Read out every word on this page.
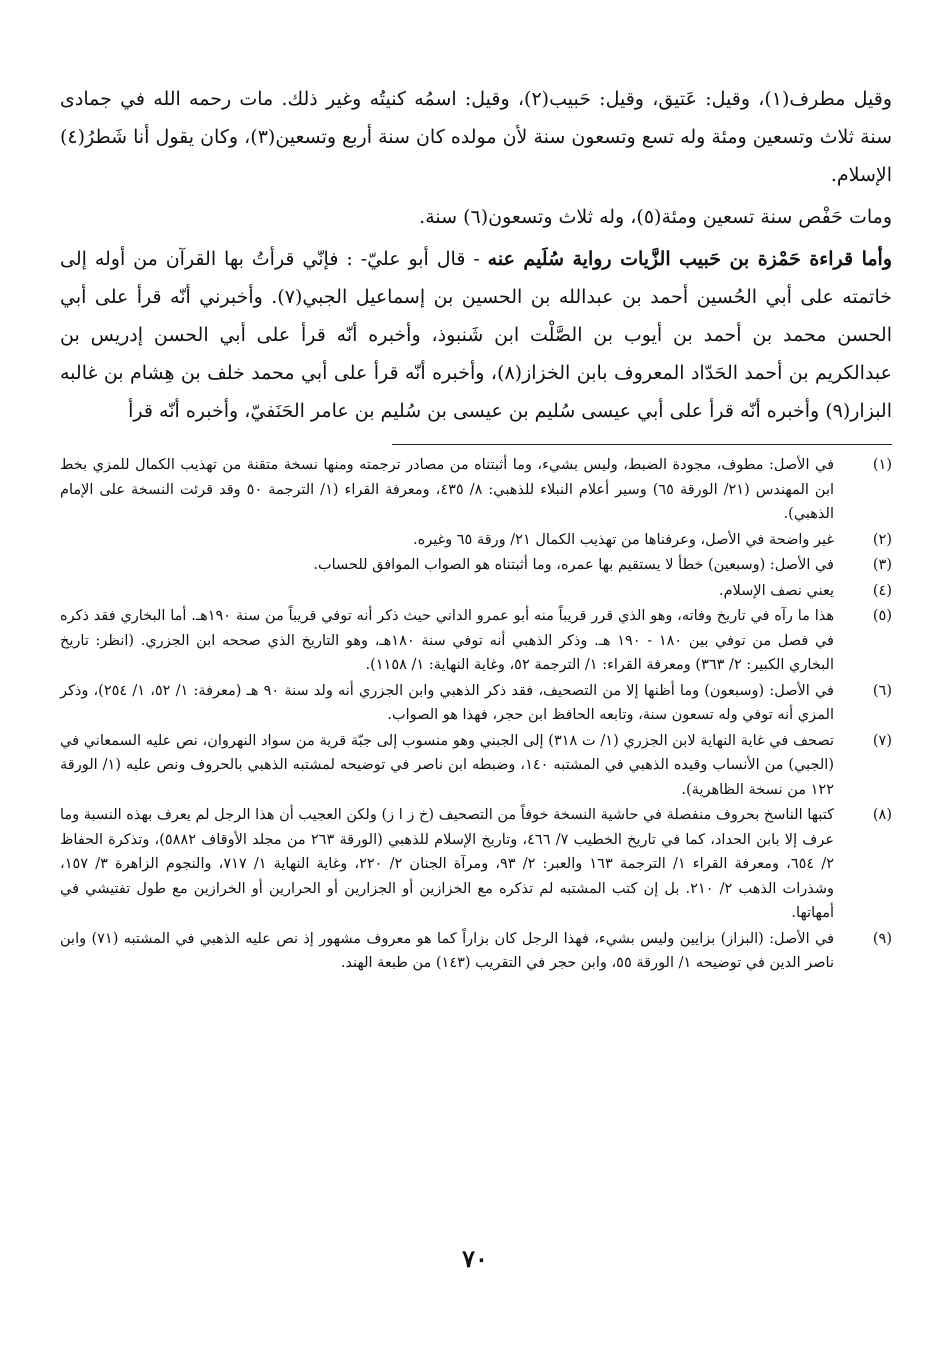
وقيل مطرف(١)، وقيل: عَتيق، وقيل: حَبيب(٢)، وقيل: اسمُه كنيتُه وغير ذلك. مات رحمه الله في جمادى سنة ثلاث وتسعين ومئة وله تسع وتسعون سنة لأن مولده كان سنة أربع وتسعين(٣)، وكان يقول أنا شَطرُ(٤) الإسلام.

ومات حَفْص سنة تسعين ومئة(٥)، وله ثلاث وتسعون(٦) سنة.

وأما قراءة حَمْزة بن حَبيب الزَّيات رواية سُلَيم عنه - قال أبو عليّ- : فإنّي قرأتُ بها القرآن من أوله إلى خاتمته على أبي الحُسين أحمد بن عبدالله بن الحسين بن إسماعيل الجبي(٧). وأخبرني أنّه قرأ على أبي الحسن محمد بن أحمد بن أيوب بن الصَّلْت ابن شَنبوذ، وأخبره أنّه قرأ على أبي الحسن إدريس بن عبدالكريم بن أحمد الحَدّاد المعروف بابن الخزاز(٨)، وأخبره أنّه قرأ على أبي محمد خلف بن هِشام بن غالبه البزار(٩) وأخبره أنّه قرأ على أبي عيسى سُليم بن عيسى بن سُليم بن عامر الحَنَفيّ، وأخبره أنّه قرأ

(١)
في الأصل: مطوف، مجودة الضبط، وليس بشيء، وما أثبتناه من مصادر ترجمته ومنها نسخة متقنة من تهذيب الكمال للمزي بخط ابن المهندس (٢١/ الورقة ٦٥) وسير أعلام النبلاء للذهبي: ٨/ ٤٣٥، ومعرفة القراء (١/ الترجمة ٥٠ وقد قرئت النسخة على الإمام الذهبي).
(٢)
غير واضحة في الأصل، وعرفناها من تهذيب الكمال ٢١/ ورقة ٦٥ وغيره.
(٣)
في الأصل: (وسبعين) خطأ لا يستقيم بها عمره، وما أثبتناه هو الصواب الموافق للحساب.
(٤)
يعني نصف الإسلام.
(٥)
هذا ما رآه في تاريخ وفاته، وهو الذي قرر قريباً منه أبو عمرو الداني حيث ذكر أنه توفي قريباً من سنة ١٩٠هـ. أما البخاري فقد ذكره في فصل من توفي بين ١٨٠ - ١٩٠ هـ. وذكر الذهبي أنه توفي سنة ١٨٠هـ، وهو التاريخ الذي صححه ابن الجزري. (انظر: تاريخ البخاري الكبير: ٢/ ٣٦٣) ومعرفة القراء: ١/ الترجمة ٥٢، وغاية النهاية: ١/ ١١٥٨).
(٦)
في الأصل: (وسبعون) وما أظنها إلا من التصحيف، فقد ذكر الذهبي وابن الجزري أنه ولد سنة ٩٠ هـ (معرفة: ١/ ٥٢، ١/ ٢٥٤)، وذكر المزي أنه توفي وله تسعون سنة، وتابعه الحافظ ابن حجر، فهذا هو الصواب.
(٧)
تصحف في غاية النهاية لابن الجزري (١/ ت ٣١٨) إلى الجبني وهو منسوب إلى جبّة قرية من سواد النهروان، نص عليه السمعاني في (الجبي) من الأنساب وقيده الذهبي في المشتبه ١٤٠، وضبطه ابن ناصر في توضيحه لمشتبه الذهبي بالحروف ونص عليه (١/ الورقة ١٢٢ من نسخة الظاهرية).
(٨)
كتبها الناسخ بحروف منفصلة في حاشية النسخة خوفاً من التصحيف (خ ز ا ز) ولكن العجيب أن هذا الرجل لم يعرف بهذه النسبة وما عرف إلا بابن الحداد، كما في تاريخ الخطيب ٧/ ٤٦٦، وتاريخ الإسلام للذهبي (الورقة ٢٦٣ من مجلد الأوقاف ٥٨٨٢)، وتذكرة الحفاظ ٢/ ٦٥٤، ومعرفة القراء ١/ الترجمة ١٦٣ والعبر: ٢/ ٩٣، ومرآة الجنان ٢/ ٢٢٠، وغاية النهاية ١/ ٧١٧، والنجوم الزاهرة ٣/ ١٥٧، وشذرات الذهب ٢/ ٢١٠. بل إن كتب المشتبه لم تذكره مع الخزازين أو الجزارين أو الحرارين أو الخرازين مع طول تفتيشي في أمهاتها.
(٩)
في الأصل: (البزاز) بزايين وليس بشيء، فهذا الرجل كان بزاراً كما هو معروف مشهور إذ نص عليه الذهبي في المشتبه (٧١) وابن ناصر الدين في توضيحه ١/ الورقة ٥٥، وابن حجر في التقريب (١٤٣) من طبعة الهند.
٧٠
